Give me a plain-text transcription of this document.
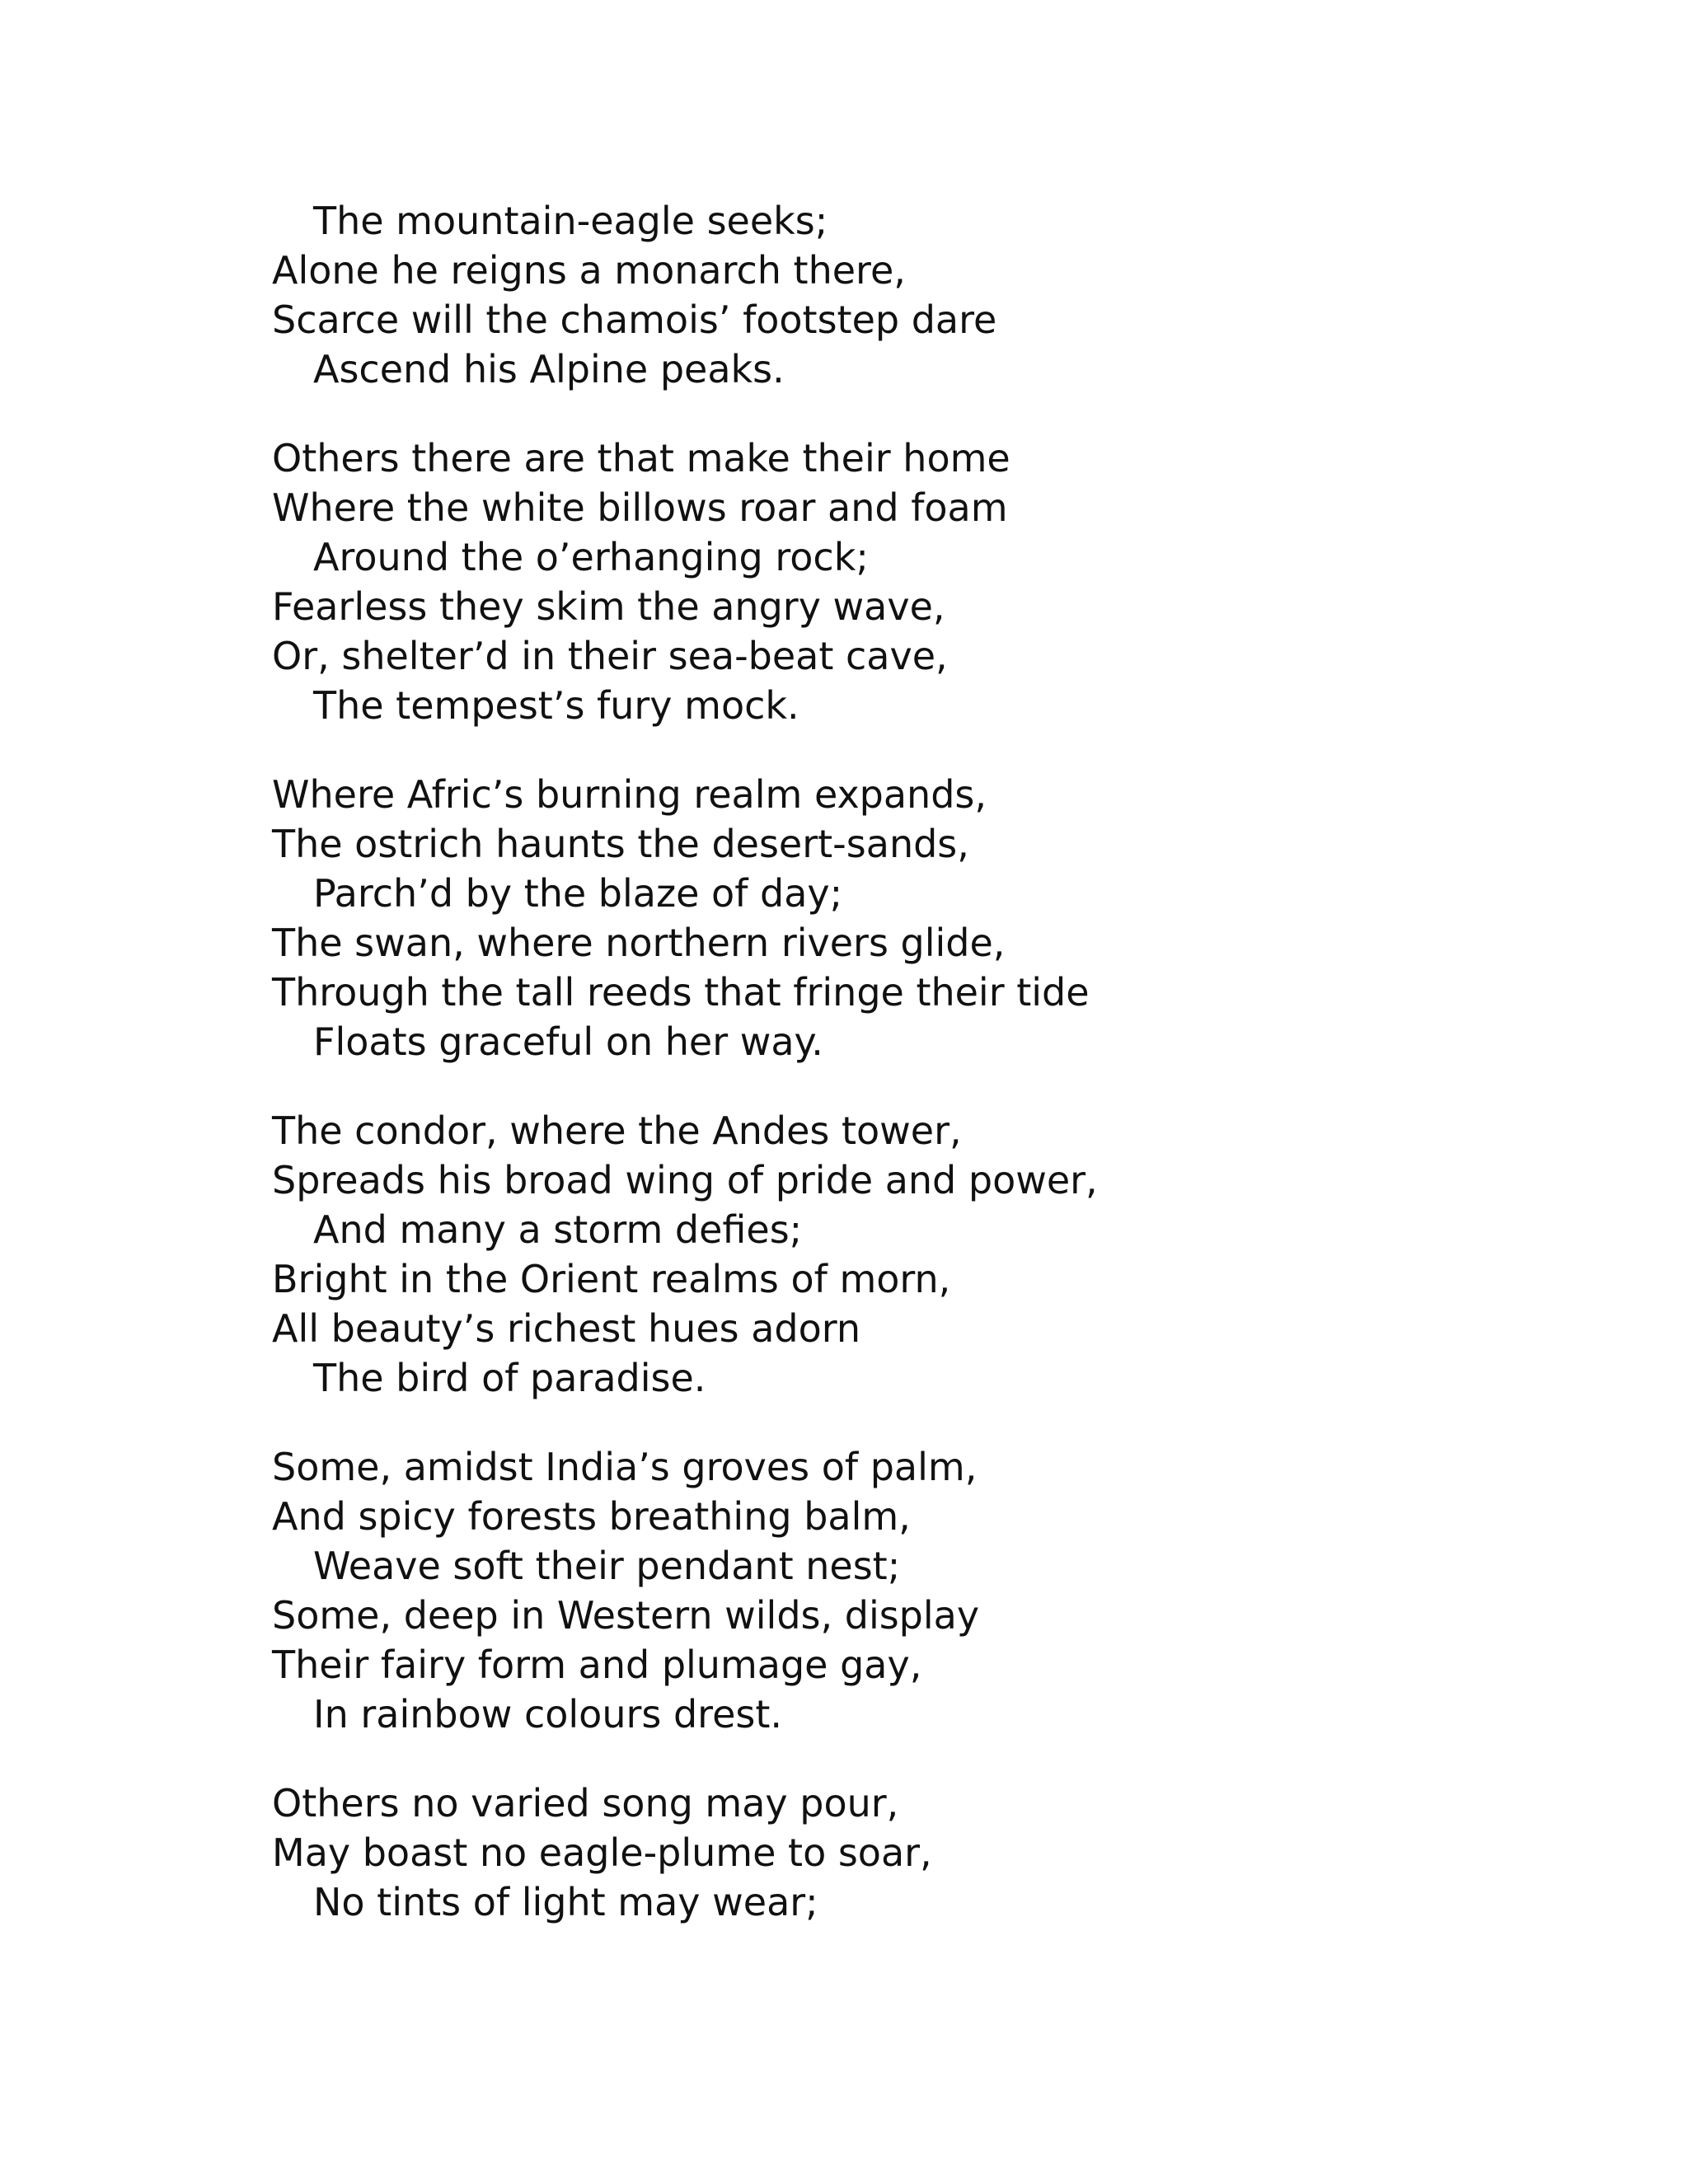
The mountain-eagle seeks;
Alone he reigns a monarch there,
Scarce will the chamois’ footstep dare
Ascend his Alpine peaks.
Others there are that make their home
Where the white billows roar and foam
Around the o’erhanging rock;
Fearless they skim the angry wave,
Or, shelter’d in their sea-beat cave,
The tempest’s fury mock.
Where Afric’s burning realm expands,
The ostrich haunts the desert-sands,
Parch’d by the blaze of day;
The swan, where northern rivers glide,
Through the tall reeds that fringe their tide
Floats graceful on her way.
The condor, where the Andes tower,
Spreads his broad wing of pride and power,
And many a storm defies;
Bright in the Orient realms of morn,
All beauty’s richest hues adorn
The bird of paradise.
Some, amidst India’s groves of palm,
And spicy forests breathing balm,
Weave soft their pendant nest;
Some, deep in Western wilds, display
Their fairy form and plumage gay,
In rainbow colours drest.
Others no varied song may pour,
May boast no eagle-plume to soar,
No tints of light may wear;
